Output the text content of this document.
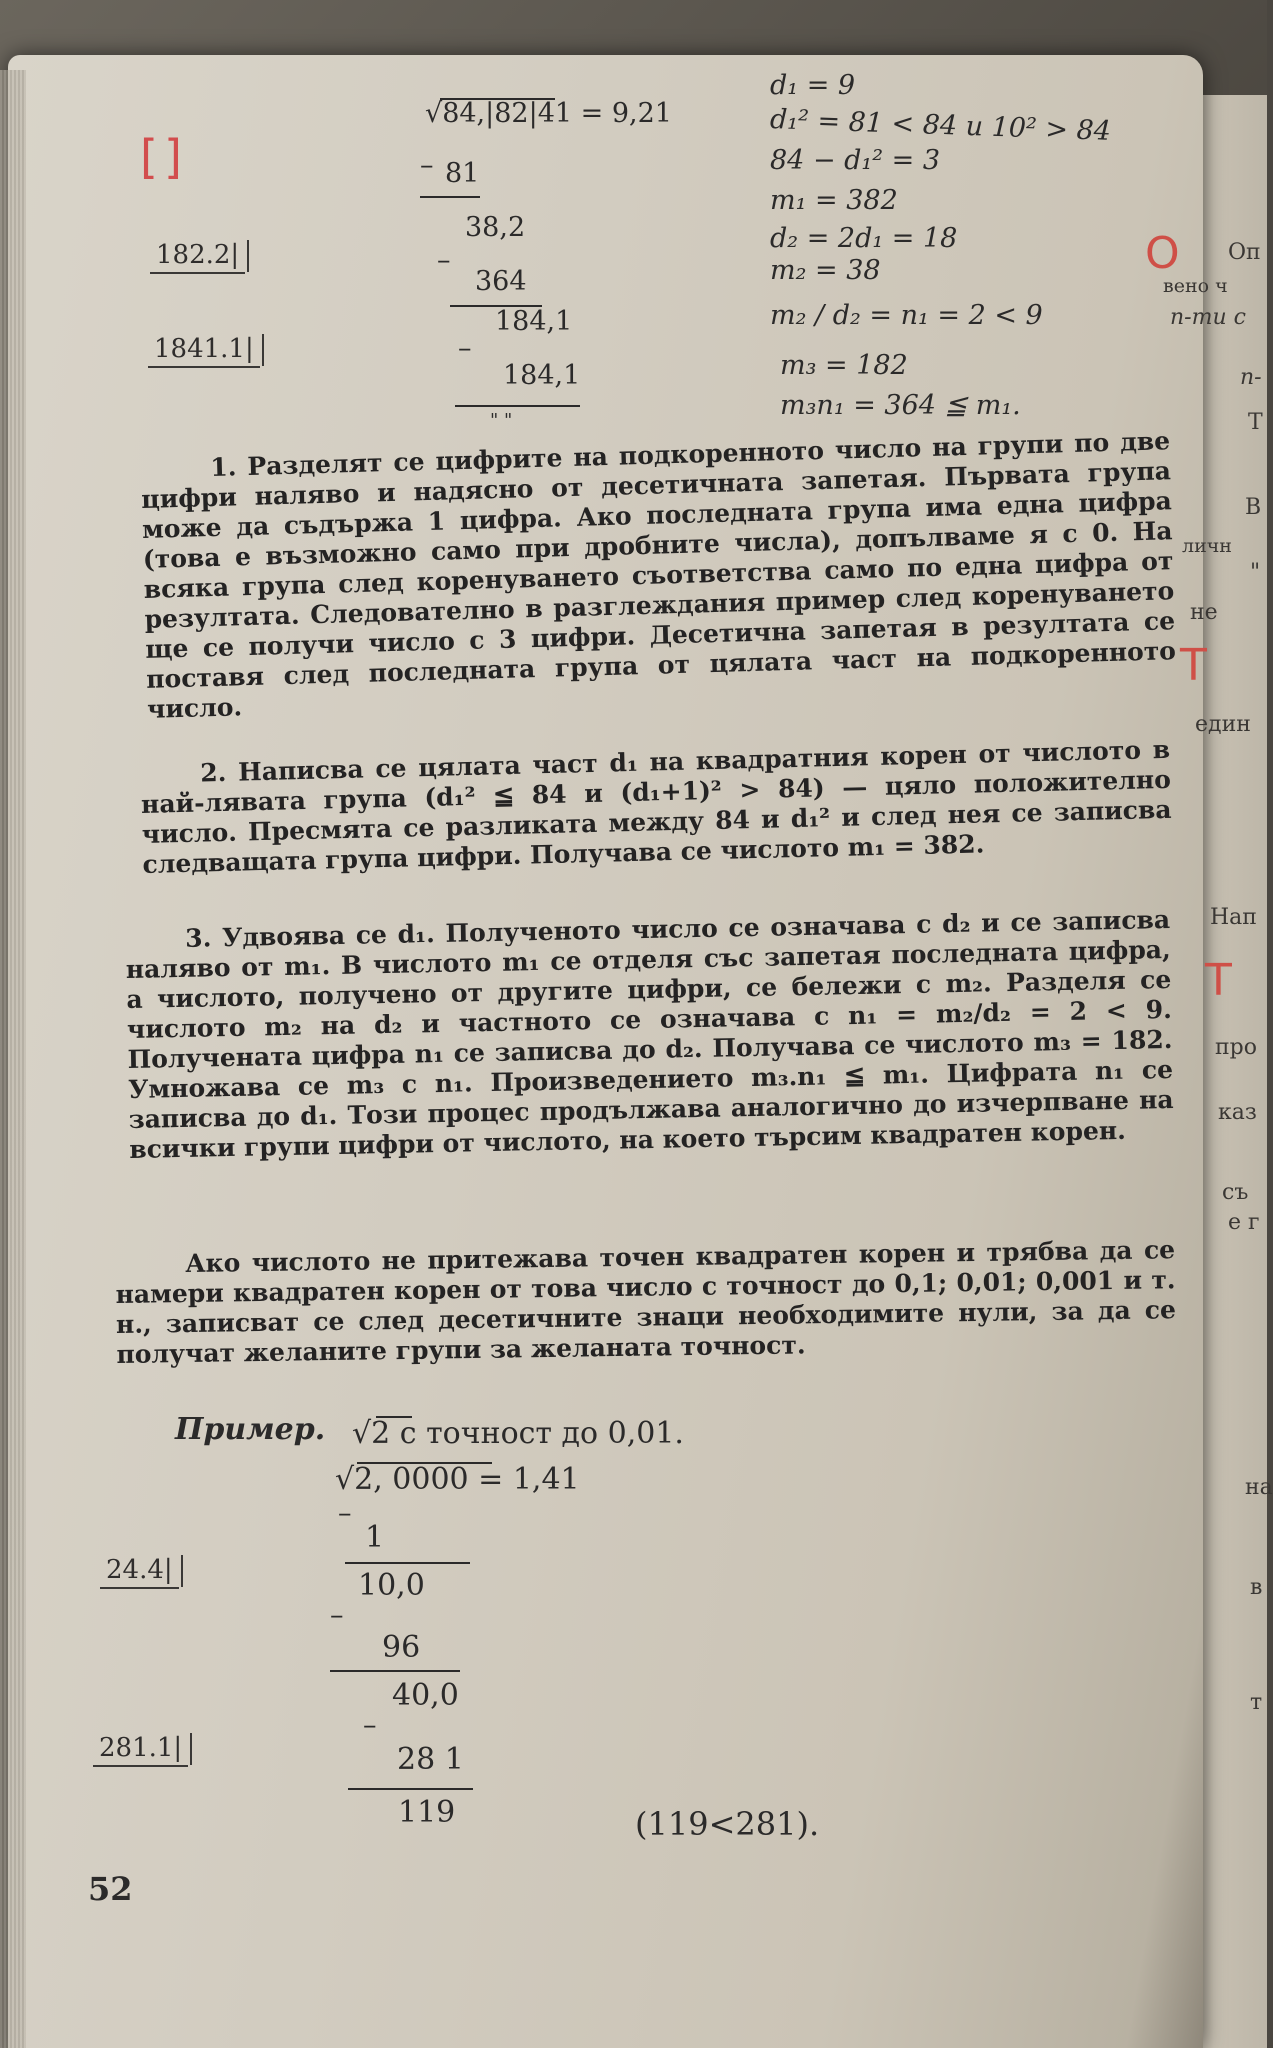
[]
√84,|82|41 = 9,21
– 81
38,2
–
364
184,1
–
184,1
" "
182.2|
1841.1|
d₁ = 9
d₁² = 81 < 84 и 10² > 84
84 − d₁² = 3
m₁ = 382
d₂ = 2d₁ = 18
m₂ = 38
m₂ / d₂ = n₁ = 2 < 9
m₃ = 182
m₃n₁ = 364 ≦ m₁.

1. Разделят се цифрите на подкоренното число на групи по две цифри наляво и надясно от десетичната запетая. Първата група може да съдържа 1 цифра. Ако последната група има една цифра (това е възможно само при дробните числа), допълваме я с 0. На всяка група след коренуването съответства само по една цифра от резултата. Следователно в разглеждания пример след коренуването ще се получи число с 3 цифри. Десетична запетая в резултата се поставя след последната група от цялата част на подкоренното число.

2. Написва се цялата част d₁ на квадратния корен от числото в най-лявата група (d₁² ≦ 84 и (d₁+1)² > 84) — цяло положително число. Пресмята се разликата между 84 и d₁² и след нея се записва следващата група цифри. Получава се числото m₁ = 382.

3. Удвоява се d₁. Полученото число се означава с d₂ и се записва наляво от m₁. В числото m₁ се отделя със запетая последната цифра, а числото, получено от другите цифри, се бележи с m₂. Разделя се числото m₂ на d₂ и частното се означава с n₁ = m₂/d₂ = 2 < 9. Получената цифра n₁ се записва до d₂. Получава се числото m₃ = 182. Умножава се m₃ с n₁. Произведението m₃.n₁ ≦ m₁. Цифрата n₁ се записва до d₁. Този процес продължава аналогично до изчерпване на всички групи цифри от числото, на което търсим квадратен корен.

Ако числото не притежава точен квадратен корен и трябва да се намери квадратен корен от това число с точност до 0,1; 0,01; 0,001 и т. н., записват се след десетичните знаци необходимите нули, за да се получат желаните групи за желаната точност.

Пример. √2 с точност до 0,01.
√2, 0000 = 1,41
–
1
10,0
–
96
40,0
–
28 1
119
24.4|
281.1|
(119<281).
52
O
T
T
Оп
вено ч
n-ти с
n-
Т
В
личн
"
не
един
Нап
про
каз
съ
е г
на
в
т
